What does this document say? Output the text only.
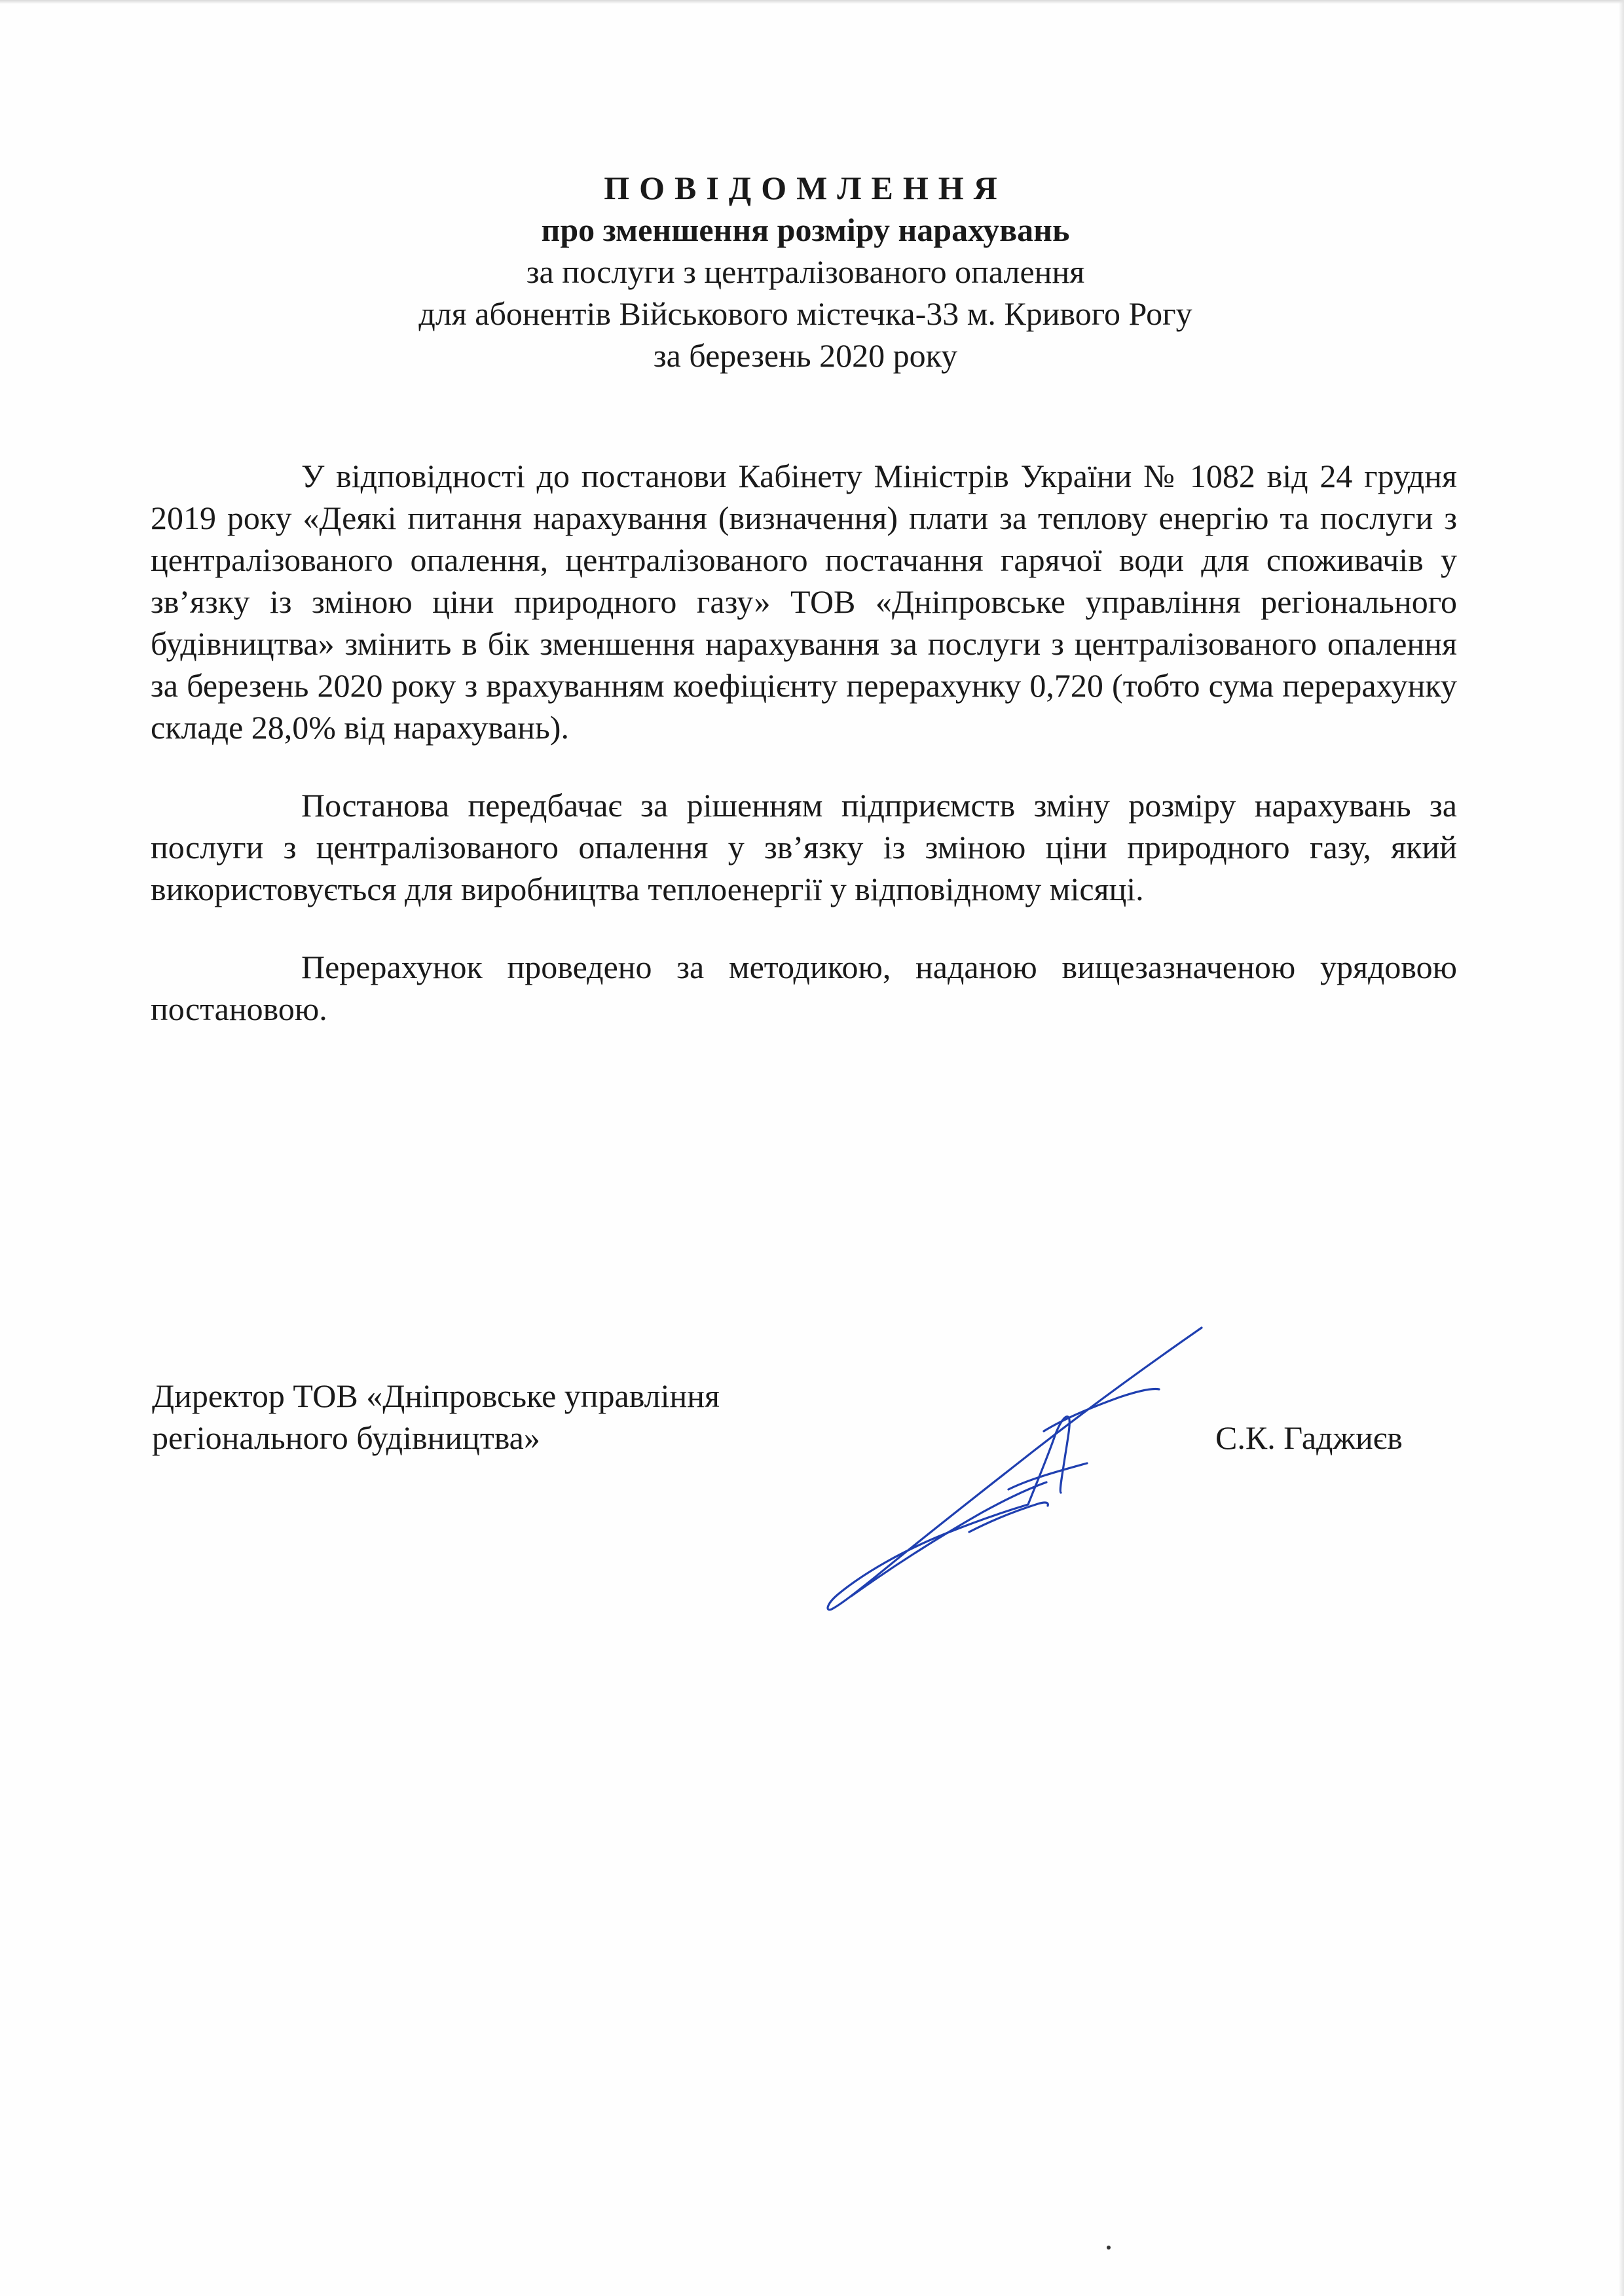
ПОВІДОМЛЕННЯ
про зменшення розміру нарахувань
за послуги з централізованого опалення
для абонентів Військового містечка-33 м. Кривого Рогу
за березень 2020 року

У відповідності до постанови Кабінету Міністрів України № 1082 від 24 грудня 2019 року «Деякі питання нарахування (визначення) плати за теплову енергію та послуги з централізованого опалення, централізованого постачання гарячої води для споживачів у зв’язку із зміною ціни природного газу» ТОВ «Дніпровське управління регіонального будівництва» змінить в бік зменшення нарахування за послуги з централізованого опалення за березень 2020 року з врахуванням коефіцієнту перерахунку 0,720 (тобто сума перерахунку складе 28,0% від нарахувань).

Постанова передбачає за рішенням підприємств зміну розміру нарахувань за послуги з централізованого опалення у зв’язку із зміною ціни природного газу, який використовується для виробництва теплоенергії у відповідному місяці.

Перерахунок проведено за методикою, наданою вищезазначеною урядовою постановою.

Директор ТОВ «Дніпровське управління
регіонального будівництва»	С.К. Гаджиєв
